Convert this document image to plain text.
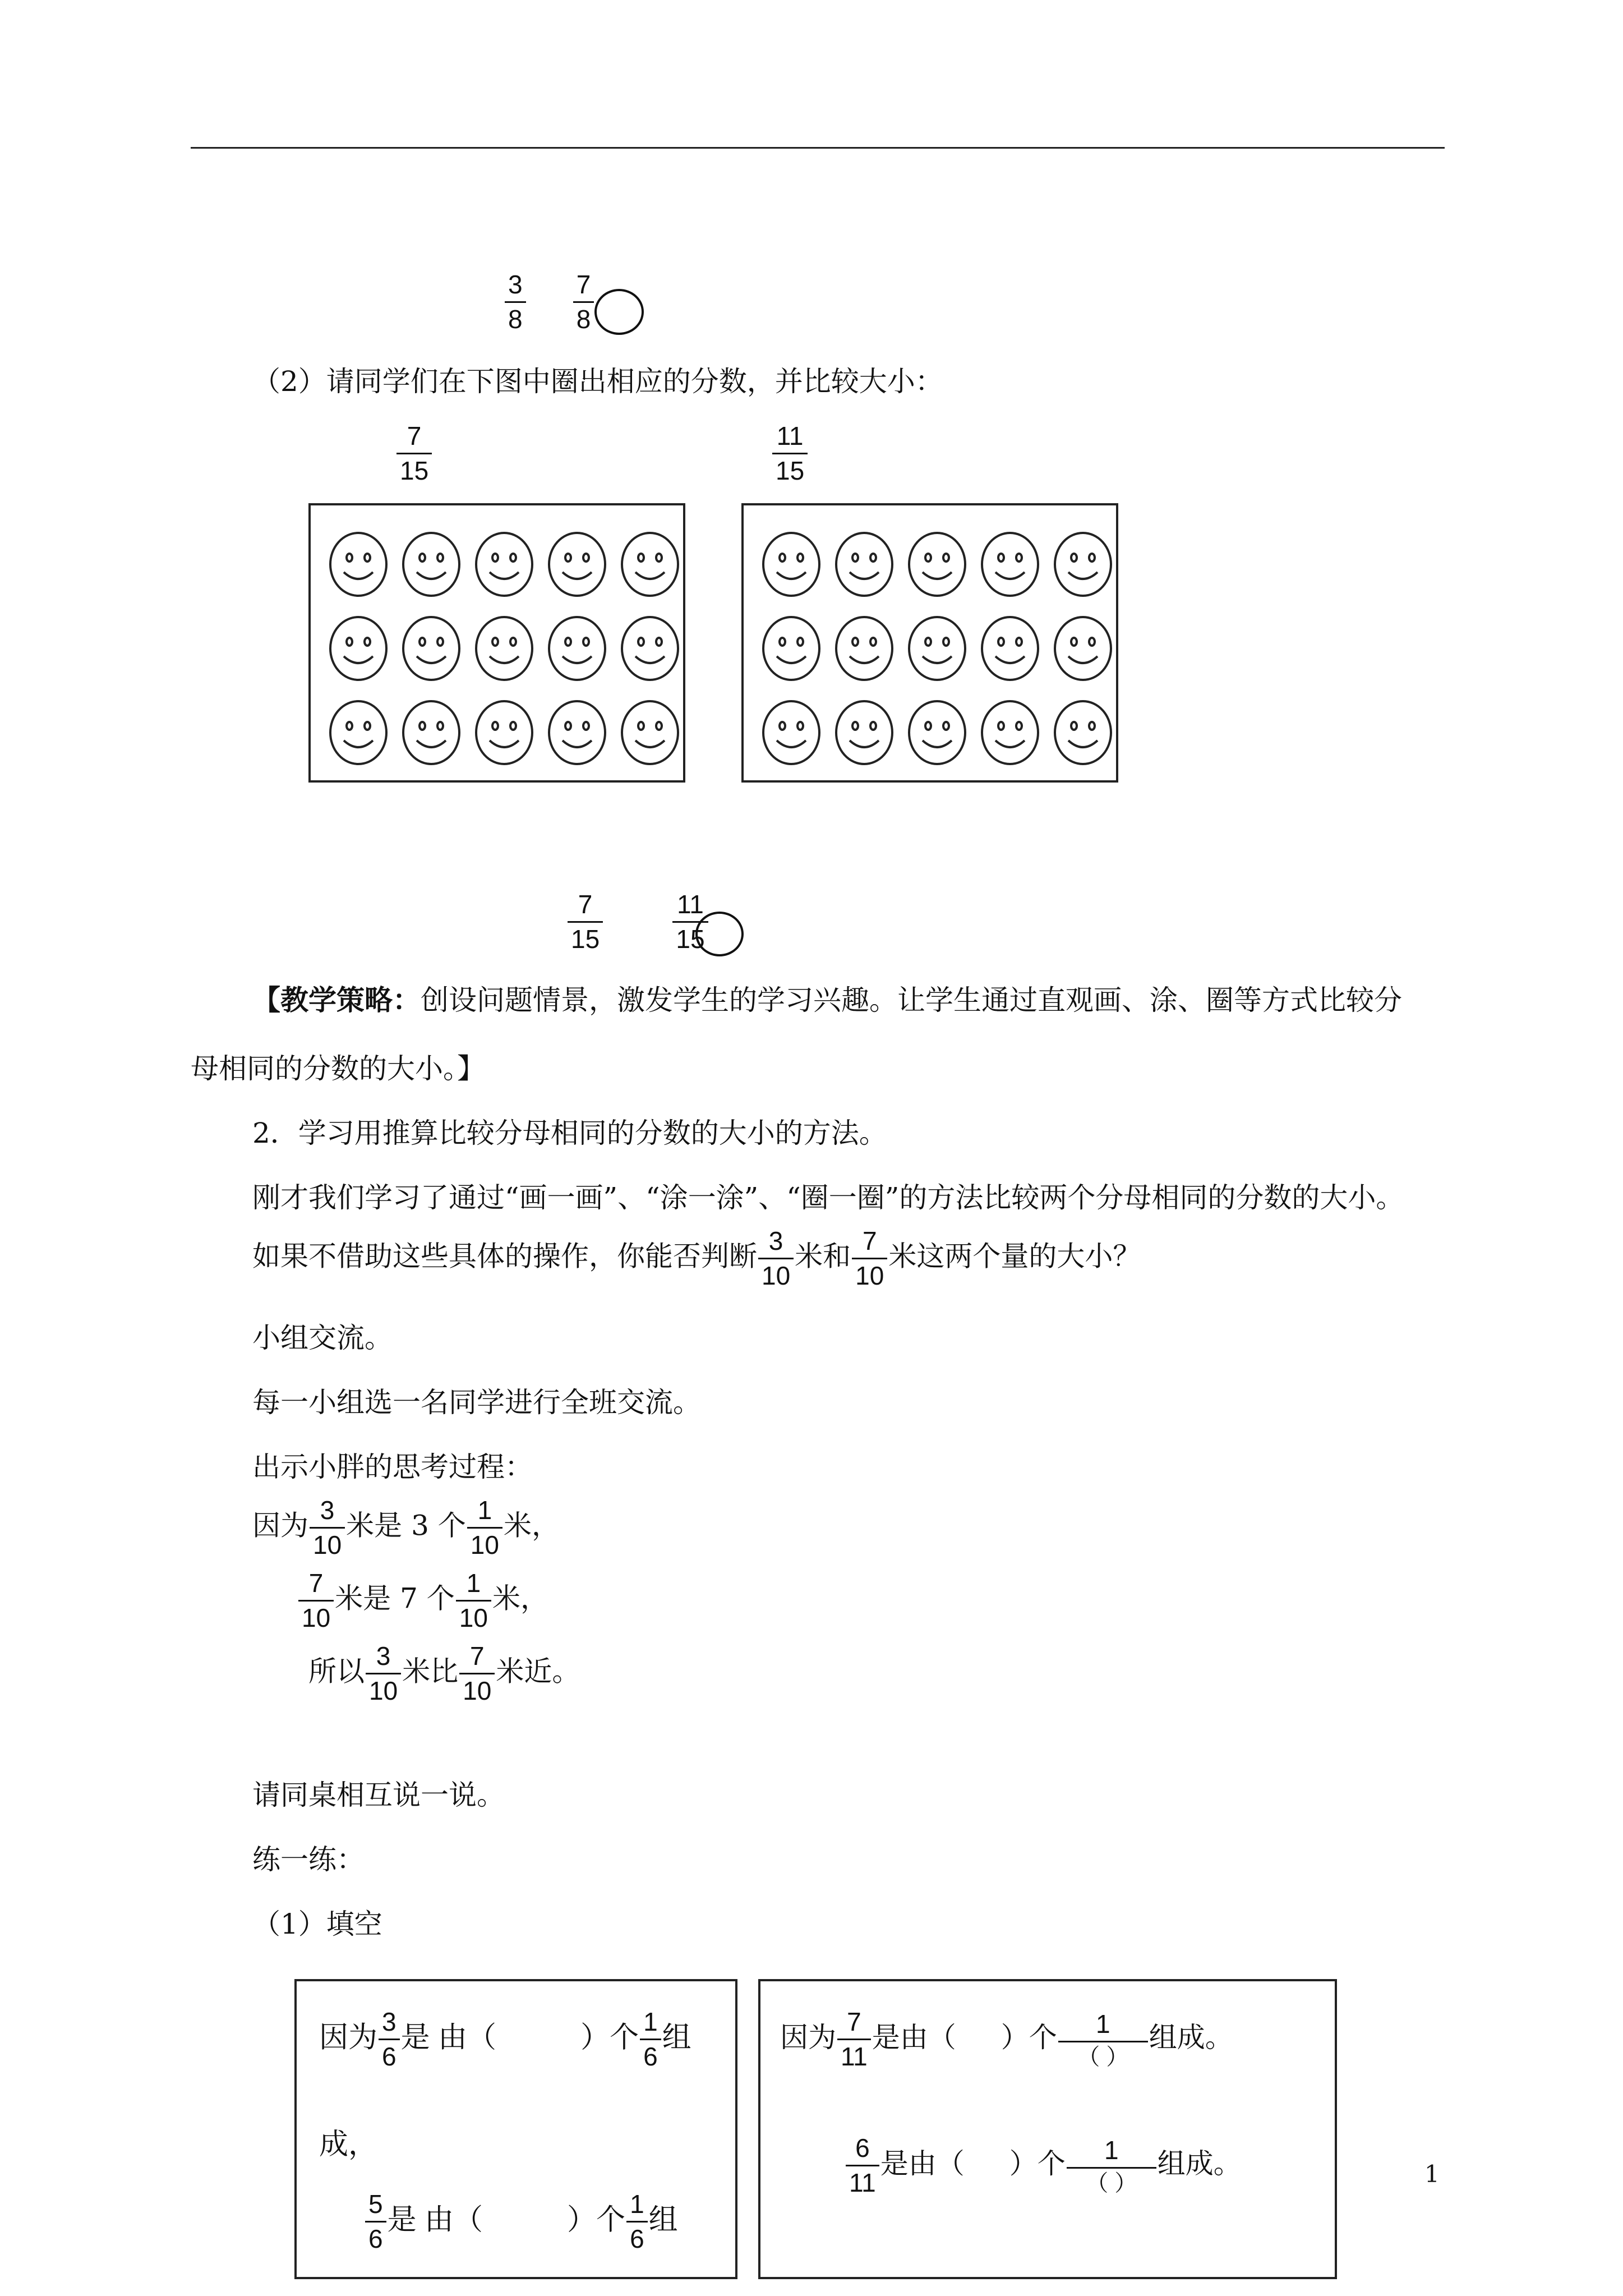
$\frac{3}{8}$
$\frac{7}{8}$
（2）请同学们在下图中圈出相应的分数，并比较大小：
$\frac{7}{15}$	$\frac{11}{15}$
$\frac{7}{15}$
	$\frac{11}{15}$
【教学策略：创设问题情景，激发学生的学习兴趣。让学生通过直观画、涂、圈等方式比较分
母相同的分数的大小。】
2．学习用推算比较分母相同的分数的大小的方法。
刚才我们学习了通过“画一画”、“涂一涂”、“圈一圈”的方法比较两个分母相同的分数的大小。
如果不借助这些具体的操作，你能否判断 $\frac{3}{10}$ 米和 $\frac{7}{10}$ 米这两个量的大小？
小组交流。
每一小组选一名同学进行全班交流。
出示小胖的思考过程：
因为 $\frac{3}{10}$ 米是 3 个 $\frac{1}{10}$ 米，
$\frac{7}{10}$ 米是 7 个 $\frac{1}{10}$ 米，
所以 $\frac{3}{10}$ 米比 $\frac{7}{10}$ 米近。
请同桌相互说一说。
练一练：
（1）填空
因为 $\frac{3}{6}$ 是 由（	）个 $\frac{1}{6}$ 组
成，
$\frac{5}{6}$ 是 由（	）个 $\frac{1}{6}$ 组
因为 $\frac{7}{11}$ 是由（ ）个 $\frac{1}{( )}$ 组成。
$\frac{6}{11}$ 是由（ ）个 $\frac{1}{( )}$ 组成。	1
